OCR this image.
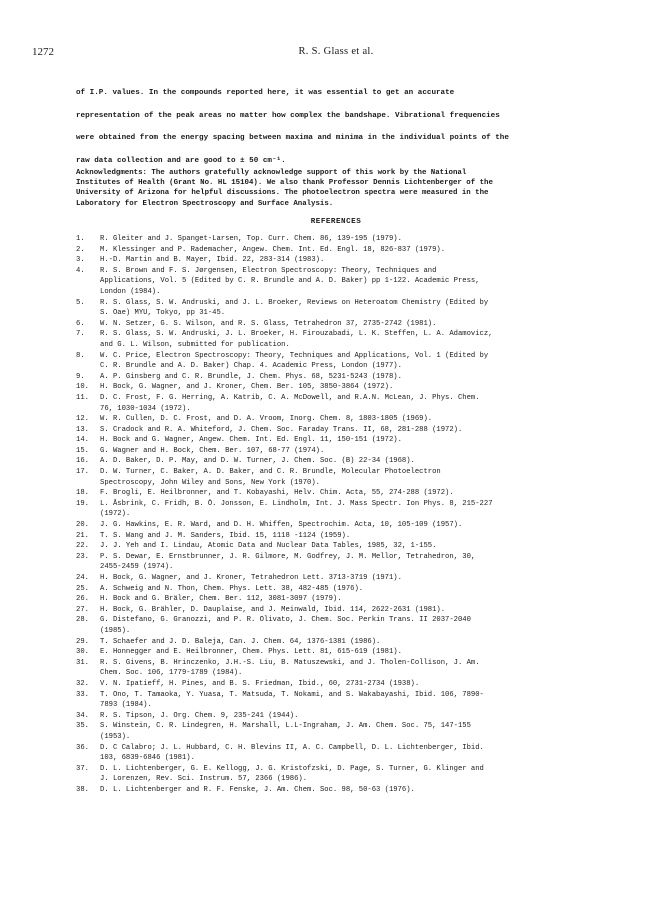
1272	R. S. Glass et al.

of I.P. values. In the compounds reported here, it was essential to get an accurate

representation of the peak areas no matter how complex the bandshape. Vibrational frequencies

were obtained from the energy spacing between maxima and minima in the individual points of the

raw data collection and are good to ± 50 cm⁻¹.

Acknowledgments: The authors gratefully acknowledge support of this work by the National

Institutes of Health (Grant No. HL 15104). We also thank Professor Dennis Lichtenberger of the

University of Arizona for helpful discussions. The photoelectron spectra were measured in the

Laboratory for Electron Spectroscopy and Surface Analysis.

REFERENCES
1.	R. Gleiter and J. Spanget-Larsen, Top. Curr. Chem. 86, 139-195 (1979).
2.	M. Klessinger and P. Rademacher, Angew. Chem. Int. Ed. Engl. 18, 826-837 (1979).
3.	H.-D. Martin and B. Mayer, Ibid. 22, 283-314 (1983).
4.	R. S. Brown and F. S. Jørgensen, Electron Spectroscopy: Theory, Techniques and
Applications, Vol. 5 (Edited by C. R. Brundle and A. D. Baker) pp 1-122. Academic Press,
London (1984).
5.	R. S. Glass, S. W. Andruski, and J. L. Broeker, Reviews on Heteroatom Chemistry (Edited by
S. Oae) MYU, Tokyo, pp 31-45.
6.	W. N. Setzer, G. S. Wilson, and R. S. Glass, Tetrahedron 37, 2735-2742 (1981).
7.	R. S. Glass, S. W. Andruski, J. L. Broeker, H. Firouzabadi, L. K. Steffen, L. A. Adamovicz,
and G. L. Wilson, submitted for publication.
8.	W. C. Price, Electron Spectroscopy: Theory, Techniques and Applications, Vol. 1 (Edited by
C. R. Brundle and A. D. Baker) Chap. 4. Academic Press, London (1977).
9.	A. P. Ginsberg and C. R. Brundle, J. Chem. Phys. 68, 5231-5243 (1978).
10.	H. Bock, G. Wagner, and J. Kroner, Chem. Ber. 105, 3850-3864 (1972).
11.	D. C. Frost, F. G. Herring, A. Katrib, C. A. McDowell, and R.A.N. McLean, J. Phys. Chem.
76, 1030-1034 (1972).
12.	W. R. Cullen, D. C. Frost, and D. A. Vroom, Inorg. Chem. 8, 1803-1805 (1969).
13.	S. Cradock and R. A. Whiteford, J. Chem. Soc. Faraday Trans. II, 68, 281-288 (1972).
14.	H. Bock and G. Wagner, Angew. Chem. Int. Ed. Engl. 11, 150-151 (1972).
15.	G. Wagner and H. Bock, Chem. Ber. 107, 68-77 (1974).
16.	A. D. Baker, D. P. May, and D. W. Turner, J. Chem. Soc. (B) 22-34 (1968).
17.	D. W. Turner, C. Baker, A. D. Baker, and C. R. Brundle, Molecular Photoelectron
Spectroscopy, John Wiley and Sons, New York (1970).
18.	F. Brogli, E. Heilbronner, and T. Kobayashi, Helv. Chim. Acta, 55, 274-288 (1972).
19.	L. Åsbrink, C. Fridh, B. Ö. Jonsson, E. Lindholm, Int. J. Mass Spectr. Ion Phys. 8, 215-227
(1972).
20.	J. G. Hawkins, E. R. Ward, and D. H. Whiffen, Spectrochim. Acta, 10, 105-109 (1957).
21.	T. S. Wang and J. M. Sanders, Ibid. 15, 1118 -1124 (1959).
22.	J. J. Yeh and I. Lindau, Atomic Data and Nuclear Data Tables, 1985, 32, 1-155.
23.	P. S. Dewar, E. Ernstbrunner, J. R. Gilmore, M. Godfrey, J. M. Mellor, Tetrahedron, 30,
2455-2459 (1974).
24.	H. Bock, G. Wagner, and J. Kroner, Tetrahedron Lett. 3713-3719 (1971).
25.	A. Schweig and N. Thon, Chem. Phys. Lett. 38, 482-485 (1976).
26.	H. Bock and G. Bräler, Chem. Ber. 112, 3081-3097 (1979).
27.	H. Bock, G. Brähler, D. Dauplaise, and J. Meinwald, Ibid. 114, 2622-2631 (1981).
28.	G. Distefano, G. Granozzi, and P. R. Olivato, J. Chem. Soc. Perkin Trans. II 2037-2040
(1985).
29.	T. Schaefer and J. D. Baleja, Can. J. Chem. 64, 1376-1381 (1986).
30.	E. Honnegger and E. Heilbronner, Chem. Phys. Lett. 81, 615-619 (1981).
31.	R. S. Givens, B. Hrinczenko, J.H.-S. Liu, B. Matuszewski, and J. Tholen-Collison, J. Am.
Chem. Soc. 106, 1779-1789 (1984).
32.	V. N. Ipatieff, H. Pines, and B. S. Friedman, Ibid., 60, 2731-2734 (1938).
33.	T. Ono, T. Tamaoka, Y. Yuasa, T. Matsuda, T. Nokami, and S. Wakabayashi, Ibid. 106, 7890-
7893 (1984).
34.	R. S. Tipson, J. Org. Chem. 9, 235-241 (1944).
35.	S. Winstein, C. R. Lindegren, H. Marshall, L.L-Ingraham, J. Am. Chem. Soc. 75, 147-155
(1953).
36.	D. C Calabro; J. L. Hubbard, C. H. Blevins II, A. C. Campbell, D. L. Lichtenberger, Ibid.
103, 6839-6846 (1981).
37.	D. L. Lichtenberger, G. E. Kellogg, J. G. Kristofzski, D. Page, S. Turner, G. Klinger and
J. Lorenzen, Rev. Sci. Instrum. 57, 2366 (1986).
38.	D. L. Lichtenberger and R. F. Fenske, J. Am. Chem. Soc. 98, 50-63 (1976).
